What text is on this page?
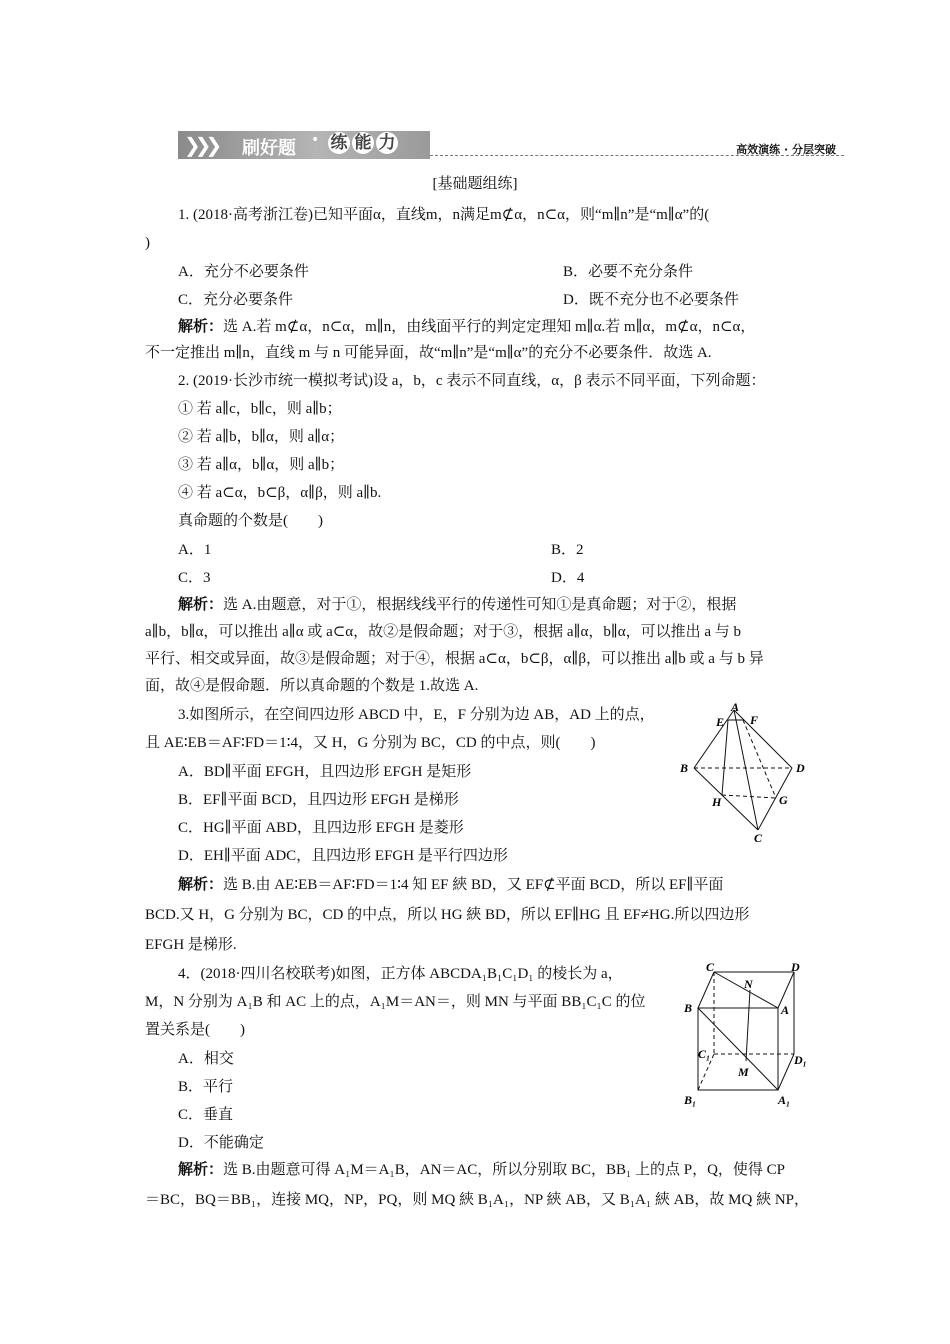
❯❯❯ 刷好题 • 练 能 力	高效演练 · 分层突破
[基础题组练]
1. (2018·高考浙江卷)已知平面α，直线m，n满足m⊄α，n⊂α，则“m∥n”是“m∥α”的(
)
A．充分不必要条件	B．必要不充分条件
C．充分必要条件	D．既不充分也不必要条件
解析：选 A.若 m⊄α，n⊂α，m∥n，由线面平行的判定定理知 m∥α.若 m∥α，m⊄α，n⊂α，
不一定推出 m∥n，直线 m 与 n 可能异面，故“m∥n”是“m∥α”的充分不必要条件．故选 A.
2. (2019·长沙市统一模拟考试)设 a，b，c 表示不同直线，α，β 表示不同平面，下列命题：
① 若 a∥c，b∥c，则 a∥b；
② 若 a∥b，b∥α，则 a∥α；
③ 若 a∥α，b∥α，则 a∥b；
④ 若 a⊂α，b⊂β，α∥β，则 a∥b.
真命题的个数是(　　)
A．1	B．2
C．3	D．4
解析：选 A.由题意，对于①，根据线线平行的传递性可知①是真命题；对于②，根据
a∥b，b∥α，可以推出 a∥α 或 a⊂α，故②是假命题；对于③，根据 a∥α，b∥α，可以推出 a 与 b
平行、相交或异面，故③是假命题；对于④，根据 a⊂α，b⊂β，α∥β，可以推出 a∥b 或 a 与 b 异
面，故④是假命题．所以真命题的个数是 1.故选 A.
3.如图所示，在空间四边形 ABCD 中，E，F 分别为边 AB，AD 上的点，
且 AE∶EB＝AF∶FD＝1∶4，又 H，G 分别为 BC，CD 的中点，则(　　)
A．BD∥平面 EFGH，且四边形 EFGH 是矩形
B．EF∥平面 BCD，且四边形 EFGH 是梯形
C．HG∥平面 ABD，且四边形 EFGH 是菱形
D．EH∥平面 ADC，且四边形 EFGH 是平行四边形
A
E F
B	D
H	G
C
解析：选 B.由 AE∶EB＝AF∶FD＝1∶4 知 EF 綊 BD，又 EF⊄平面 BCD，所以 EF∥平面
BCD.又 H，G 分别为 BC，CD 的中点，所以 HG 綊 BD，所以 EF∥HG 且 EF≠HG.所以四边形
EFGH 是梯形.
4．(2018·四川名校联考)如图，正方体 ABCDA₁B₁C₁D₁ 的棱长为 a，
M，N 分别为 A₁B 和 AC 上的点，A₁M＝AN＝，则 MN 与平面 BB₁C₁C 的位
置关系是(　　)
A．相交
B．平行
C．垂直
D．不能确定
C
N
D
B	A
C₁
M
D₁
B₁	A₁
解析：选 B.由题意可得 A₁M＝A₁B，AN＝AC，所以分别取 BC，BB₁ 上的点 P，Q，使得 CP
＝BC，BQ＝BB₁，连接 MQ，NP，PQ，则 MQ 綊 B₁A₁，NP 綊 AB，又 B₁A₁ 綊 AB，故 MQ 綊 NP，
